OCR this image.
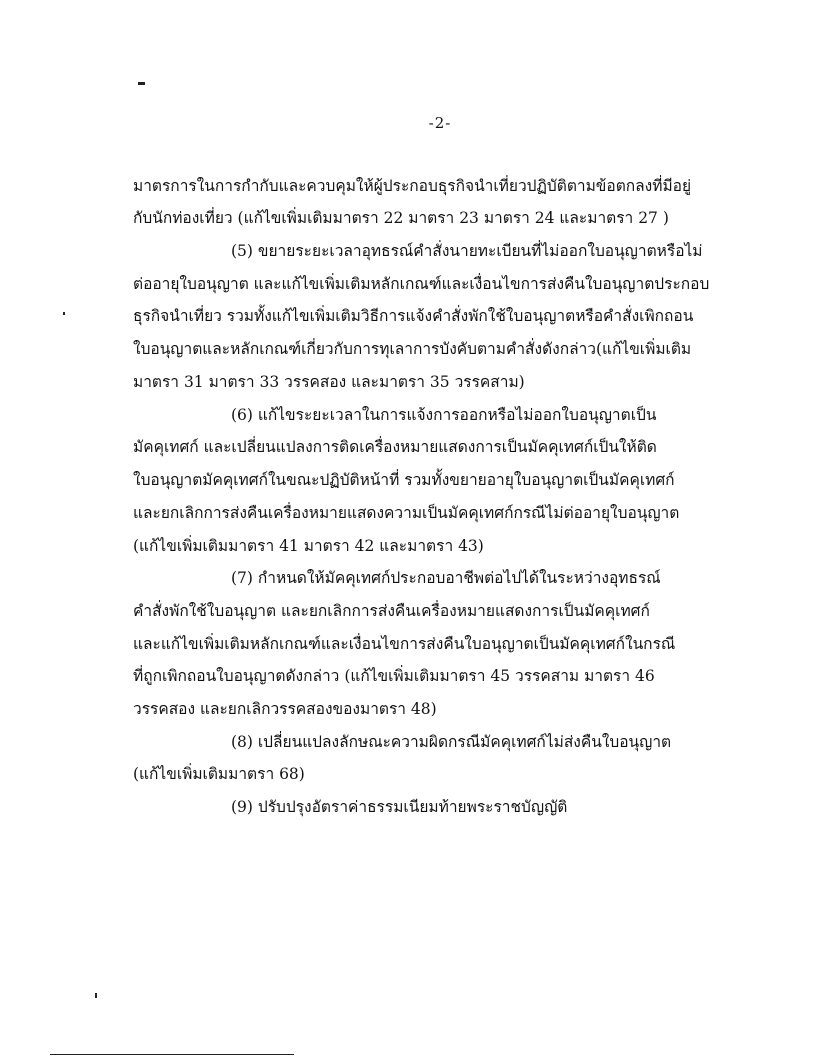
-2-
มาตรการในการกำกับและควบคุมให้ผู้ประกอบธุรกิจนำเที่ยวปฏิบัติตามข้อตกลงที่มีอยู่
กับนักท่องเที่ยว (แก้ไขเพิ่มเติมมาตรา 22 มาตรา 23 มาตรา 24 และมาตรา 27 )
(5) ขยายระยะเวลาอุทธรณ์คำสั่งนายทะเบียนที่ไม่ออกใบอนุญาตหรือไม่
ต่ออายุใบอนุญาต และแก้ไขเพิ่มเติมหลักเกณฑ์และเงื่อนไขการส่งคืนใบอนุญาตประกอบ
ธุรกิจนำเที่ยว รวมทั้งแก้ไขเพิ่มเติมวิธีการแจ้งคำสั่งพักใช้ใบอนุญาตหรือคำสั่งเพิกถอน
ใบอนุญาตและหลักเกณฑ์เกี่ยวกับการทุเลาการบังคับตามคำสั่งดังกล่าว(แก้ไขเพิ่มเติม
มาตรา 31 มาตรา 33 วรรคสอง และมาตรา 35 วรรคสาม)
(6) แก้ไขระยะเวลาในการแจ้งการออกหรือไม่ออกใบอนุญาตเป็น
มัคคุเทศก์ และเปลี่ยนแปลงการติดเครื่องหมายแสดงการเป็นมัคคุเทศก์เป็นให้ติด
ใบอนุญาตมัคคุเทศก์ในขณะปฏิบัติหน้าที่ รวมทั้งขยายอายุใบอนุญาตเป็นมัคคุเทศก์
และยกเลิกการส่งคืนเครื่องหมายแสดงความเป็นมัคคุเทศก์กรณีไม่ต่ออายุใบอนุญาต
(แก้ไขเพิ่มเติมมาตรา 41 มาตรา 42 และมาตรา 43)
(7) กำหนดให้มัคคุเทศก์ประกอบอาชีพต่อไปได้ในระหว่างอุทธรณ์
คำสั่งพักใช้ใบอนุญาต และยกเลิกการส่งคืนเครื่องหมายแสดงการเป็นมัคคุเทศก์
และแก้ไขเพิ่มเติมหลักเกณฑ์และเงื่อนไขการส่งคืนใบอนุญาตเป็นมัคคุเทศก์ในกรณี
ที่ถูกเพิกถอนใบอนุญาตดังกล่าว (แก้ไขเพิ่มเติมมาตรา 45 วรรคสาม มาตรา 46
วรรคสอง และยกเลิกวรรคสองของมาตรา 48)
(8) เปลี่ยนแปลงลักษณะความผิดกรณีมัคคุเทศก์ไม่ส่งคืนใบอนุญาต
(แก้ไขเพิ่มเติมมาตรา 68)
(9) ปรับปรุงอัตราค่าธรรมเนียมท้ายพระราชบัญญัติ
